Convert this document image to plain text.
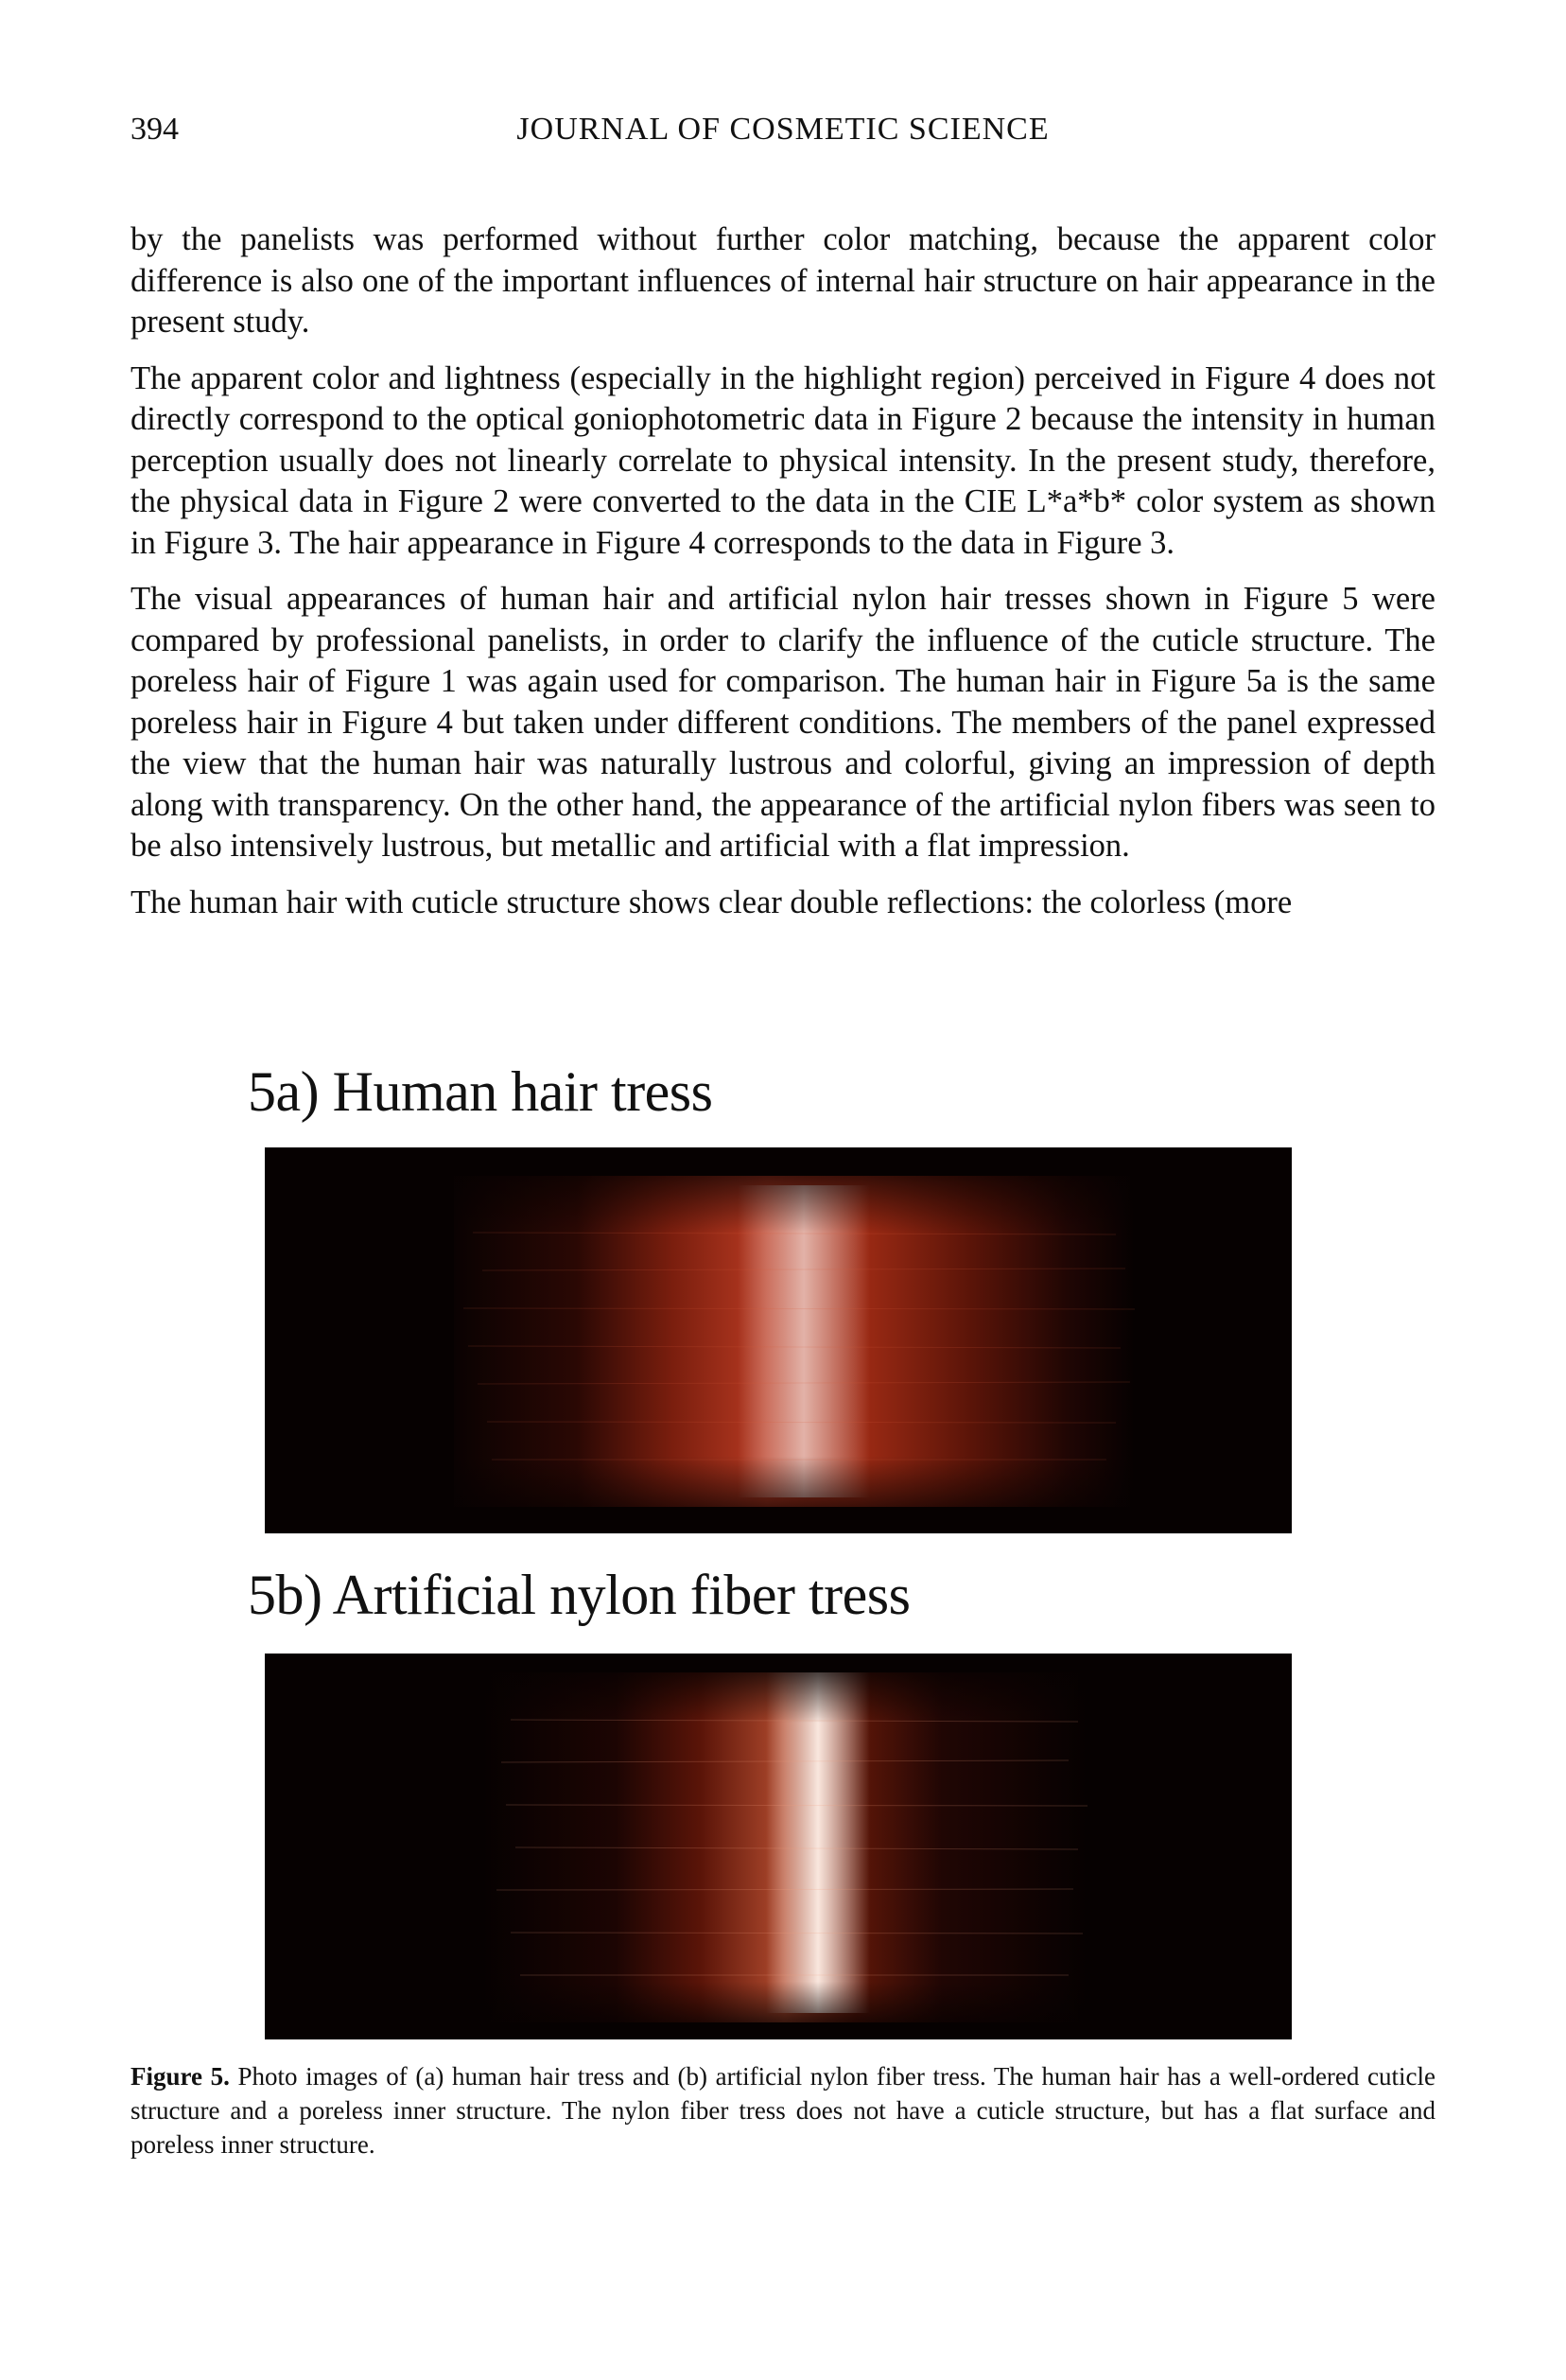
394	JOURNAL OF COSMETIC SCIENCE

by the panelists was performed without further color matching, because the apparent color difference is also one of the important influences of internal hair structure on hair appearance in the present study.

The apparent color and lightness (especially in the highlight region) perceived in Figure 4 does not directly correspond to the optical goniophotometric data in Figure 2 because the intensity in human perception usually does not linearly correlate to physical intensity. In the present study, therefore, the physical data in Figure 2 were converted to the data in the CIE L*a*b* color system as shown in Figure 3. The hair appearance in Figure 4 corresponds to the data in Figure 3.

The visual appearances of human hair and artificial nylon hair tresses shown in Figure 5 were compared by professional panelists, in order to clarify the influence of the cuticle structure. The poreless hair of Figure 1 was again used for comparison. The human hair in Figure 5a is the same poreless hair in Figure 4 but taken under different conditions. The members of the panel expressed the view that the human hair was naturally lustrous and colorful, giving an impression of depth along with transparency. On the other hand, the appearance of the artificial nylon fibers was seen to be also intensively lustrous, but metallic and artificial with a flat impression.

The human hair with cuticle structure shows clear double reflections: the colorless (more

5a) Human hair tress
5b) Artificial nylon fiber tress
Figure 5. Photo images of (a) human hair tress and (b) artificial nylon fiber tress. The human hair has a well-ordered cuticle structure and a poreless inner structure. The nylon fiber tress does not have a cuticle structure, but has a flat surface and poreless inner structure.
